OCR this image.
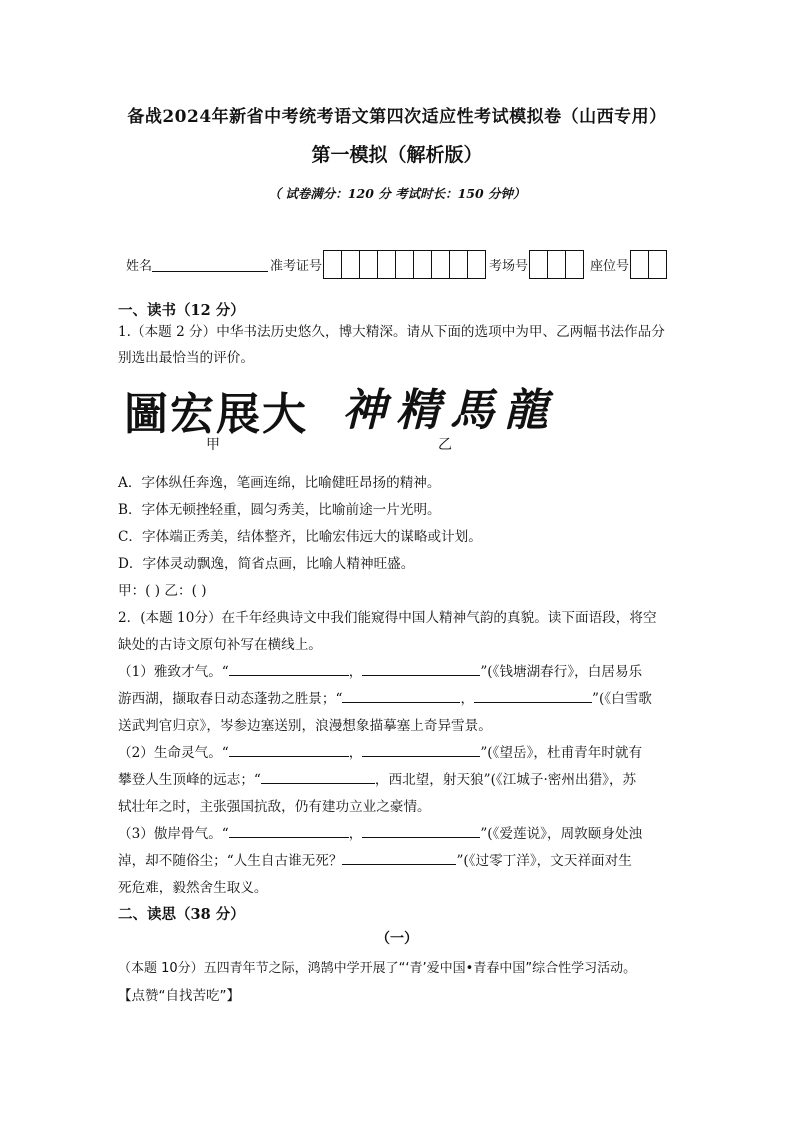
备战2024年新省中考统考语文第四次适应性考试模拟卷（山西专用）
第一模拟（解析版）
（ 试卷满分：120 分 考试时长：150 分钟）
姓名	准考证号	考场号	座位号
一、读书（12 分）
1.（本题 2 分）中华书法历史悠久，博大精深。请从下面的选项中为甲、乙两幅书法作品分
别选出最恰当的评价。
圖宏展大 神精馬龍
甲	乙
A．字体纵任奔逸，笔画连绵，比喻健旺昂扬的精神。
B．字体无顿挫轻重，圆匀秀美，比喻前途一片光明。
C．字体端正秀美，结体整齐，比喻宏伟远大的谋略或计划。
D．字体灵动飘逸，简省点画，比喻人精神旺盛。
甲：( ) 乙：( )
2．(本题 10分）在千年经典诗文中我们能窥得中国人精神气韵的真貌。读下面语段，将空
缺处的古诗文原句补写在横线上。
（1）雅致才气。“	，	”(《钱塘湖春行》，白居易乐
游西湖，撷取春日动态蓬勃之胜景；“	，	”(《白雪歌
送武判官归京》，岑参边塞送别，浪漫想象描摹塞上奇异雪景。
（2）生命灵气。“	，	”(《望岳》，杜甫青年时就有
攀登人生顶峰的远志；“	，西北望，射天狼”(《江城子·密州出猎》，苏
轼壮年之时，主张强国抗敌，仍有建功立业之豪情。
（3）傲岸骨气。“	，	”(《爱莲说》，周敦颐身处浊
淖，却不随俗尘；“人生自古谁无死？	”(《过零丁洋》，文天祥面对生
死危难，毅然舍生取义。
二、读思（38 分）
（一）
（本题 10分）五四青年节之际，鸿鹄中学开展了“‘青’爱中国•青春中国”综合性学习活动。
【点赞“自找苦吃”】
